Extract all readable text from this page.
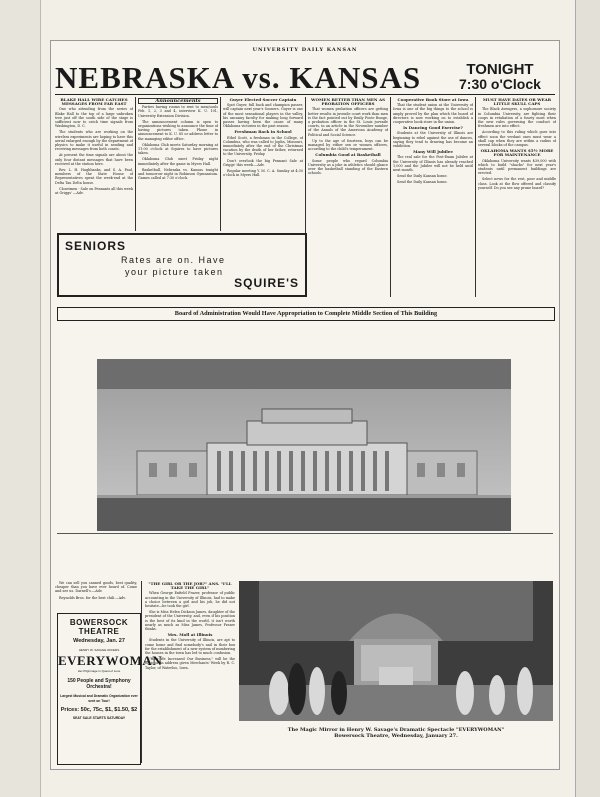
UNIVERSITY DAILY KANSAN
NEBRASKA vs. KANSAS	TONIGHT
7:30 o'Clock
BLAKE HALL WIRE CATCHES MESSAGES FROM FAR EAST

One who attending from the series of Blake Hall to the top of a large unbroken tree just off the south side of the stage is sufficient now to catch time signals from Washington, D. C.

The students who are working on the wireless experiments are hoping to have this aerial enlarged enough by the department of physics to make it useful in sending and receiving messages from both coasts.

At present the time signals are about the only four distant messages that have been received at the station here.

Rev. L. H. Hughbanks, and S. A. Paul, members of the State House of Representatives spent the week-end at the Delta Tau Delta house.

Closetmen - Sale on Pennants all this week at Griggs' —Adv.

Announcements

Parties having rooms to rent to men/souls Feb. 1, 2, 3 and 4, interview K. U. 101, University Extension Division.

The announcement column is open to organizations wishing to announce the time of having pictures taken. Phone in announcement to K. U. 85 or address letter to the managing editor office.

Oklahoma Club meets Saturday morning at 11:00 o'clock at Squires to have pictures taken.

Oklahoma Club meet Friday night immediately after the game in Myers Hall.

Basketball, Nebraska vs. Kansas tonight and tomorrow night in Robinson Gymnasium. Games called at 7:30 o'clock.

Guyer Elected Soccer Captain

Spot Guyer, full back and champion passer, will captain next year's Sooners. Guyer is one of the most sensational players in the valley, his uncanny faculty for making long forward passes having been the cause of many Oklahoma victories in the past season.

Freshman Back in School

Ethel Scott, a freshman in the College, of Columbus, who was called to Joplin, Missouri, immediately after the end of the Christmas vacation by the death of her father, returned to the University, Friday.

Don't overlook the big Pennant Sale at Griggs' this week.—Adv.

Regular meeting Y. M. C. A. Sunday at 4:30 o'clock in Myers Hall.

WOMEN BETTER THAN MEN AS PROBATION OFFICERS

That women probation officers are getting better results in juvenile court work than men is the fact pointed out by Emily Foote Runge, a probation officer in the St. Louis juvenile courts, in an article in the November number of the Annals of the American Academy of Political and Social Science.

Up to the age of fourteen, boys can be managed by either sex or women officers, according to the child's temperament.

Columbia Good at Basketball

Some people who regard Columbia University as a joke in athletics should glance over the basketball standing of the Eastern schools.

Cooperative Book Store at Iowa

That the student union at the University of Iowa is one of the big things to the school is amply proved by the plan which the board of directors is now working on to establish a cooperative book store in the union.

Is Dancing Good Exercise?

Students at the University of Illinois are beginning to rebel against the use of dances, saying they tend to drawing has become an exhibition.

Many Will Jubilee

The real sale for the Post-Exam Jubilee at the University of Illinois has already reached 1,000 and the Jubilee will not be held until next month.

Send the Daily Kansan home.

Send the Daily Kansan home.

MUST HAVE DATES OR WEAR LITTLE SKULL CAPS

The Black Avengers, a sophomore society in Columbia University, are fighting their coops in retaliation of a fourty most when the new rules governing the conduct of freshmen are into effect.

According to this ruling which goes into effect soon the verdant ones must wear a skull cap when they are within a radius of several blocks of the campus.

OKLAHOMA WANTS $5½ MORE FOR MAINTENANCE

Oklahoma University wants $39,000 with which to build "shacks" for next year's students until permanent buildings are erected.

Select news for the rest, poor and middle class. Look at the flow offered and classify yourself. Do you see any prune board?

SENIORS
Rates are on. Have
your picture taken
SQUIRE'S
Board of Administration Would Have Appropriation to Complete Middle Section of This Building

We can sell you canned goods, best quality, cheaper than you have ever heard of. Come and see us. Darnell's.—Adv.

Reynolds Bros. for the best chili.—Adv.

BOWERSOCK
THEATRE
Wednesday, Jan. 27
HENRY W. SAVAGE OFFERS
EVERYWOMAN
Her Pilgrimage in Quest of Love
150 People and Symphony Orchestra!
Largest Musical and Dramatic Organization ever sent on Tour!
Prices: 50c, 75c, $1, $1.50, $2
SEAT SALE STARTS SATURDAY
"THE GIRL OR THE JOB?" ANS. "I'LL TAKE THE GIRL"

When George Enfield Frazer, professor of public accounting in the University of Illinois, had to make a choice between a girl and his job, he did not hesitate—he took the girl.

She is Miss Helen Dickson James, daughter of the president of the University, and, even if his position is the best of its kind in the world, it isn't worth nearly as much as Miss James, Professor Frazer thinks.

Mrs. Moll at Illinois

Students in the University of Illinois, are apt to come home and find somebody's nail in their box for the establishment of a new system of numbering the houses in the town has led to much confusion.

"How We Increased Our Business," will be the topic of an address given Merchants' Week by R. C. Taylor, of Waterloo, Iowa.

The Magic Mirror in Henry W. Savage's Dramatic Spectacle "EVERYWOMAN"
Bowersock Theatre, Wednesday, January 27.
